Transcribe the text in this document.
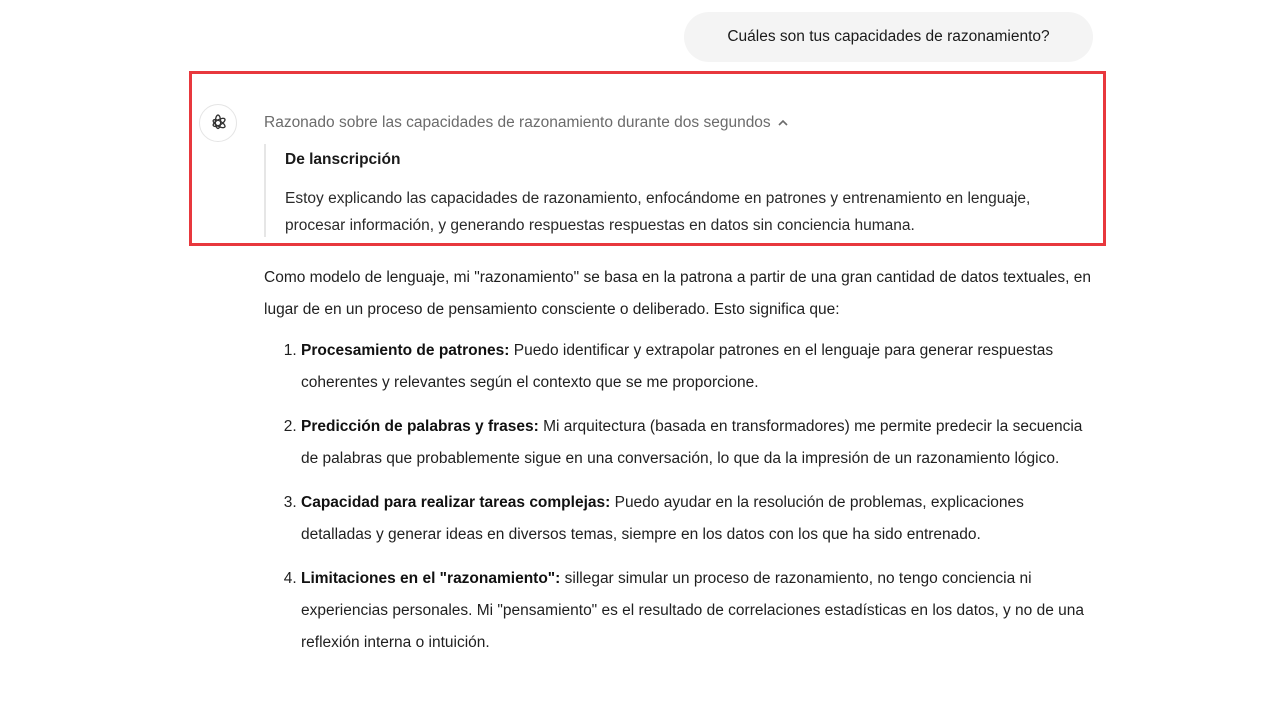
Cuáles son tus capacidades de razonamiento?
Razonado sobre las capacidades de razonamiento durante dos segundos
De lanscripción
Estoy explicando las capacidades de razonamiento, enfocándome en patrones y entrenamiento en lenguaje, procesar información, y generando respuestas respuestas en datos sin conciencia humana.

Como modelo de lenguaje, mi "razonamiento" se basa en la patrona a partir de una gran cantidad de datos textuales, en lugar de en un proceso de pensamiento consciente o deliberado. Esto significa que:

1. Procesamiento de patrones: Puedo identificar y extrapolar patrones en el lenguaje para generar respuestas coherentes y relevantes según el contexto que se me proporcione.
2. Predicción de palabras y frases: Mi arquitectura (basada en transformadores) me permite predecir la secuencia de palabras que probablemente sigue en una conversación, lo que da la impresión de un razonamiento lógico.
3. Capacidad para realizar tareas complejas: Puedo ayudar en la resolución de problemas, explicaciones detalladas y generar ideas en diversos temas, siempre en los datos con los que ha sido entrenado.
4. Limitaciones en el "razonamiento": sillegar simular un proceso de razonamiento, no tengo conciencia ni experiencias personales. Mi "pensamiento" es el resultado de correlaciones estadísticas en los datos, y no de una reflexión interna o intuición.
